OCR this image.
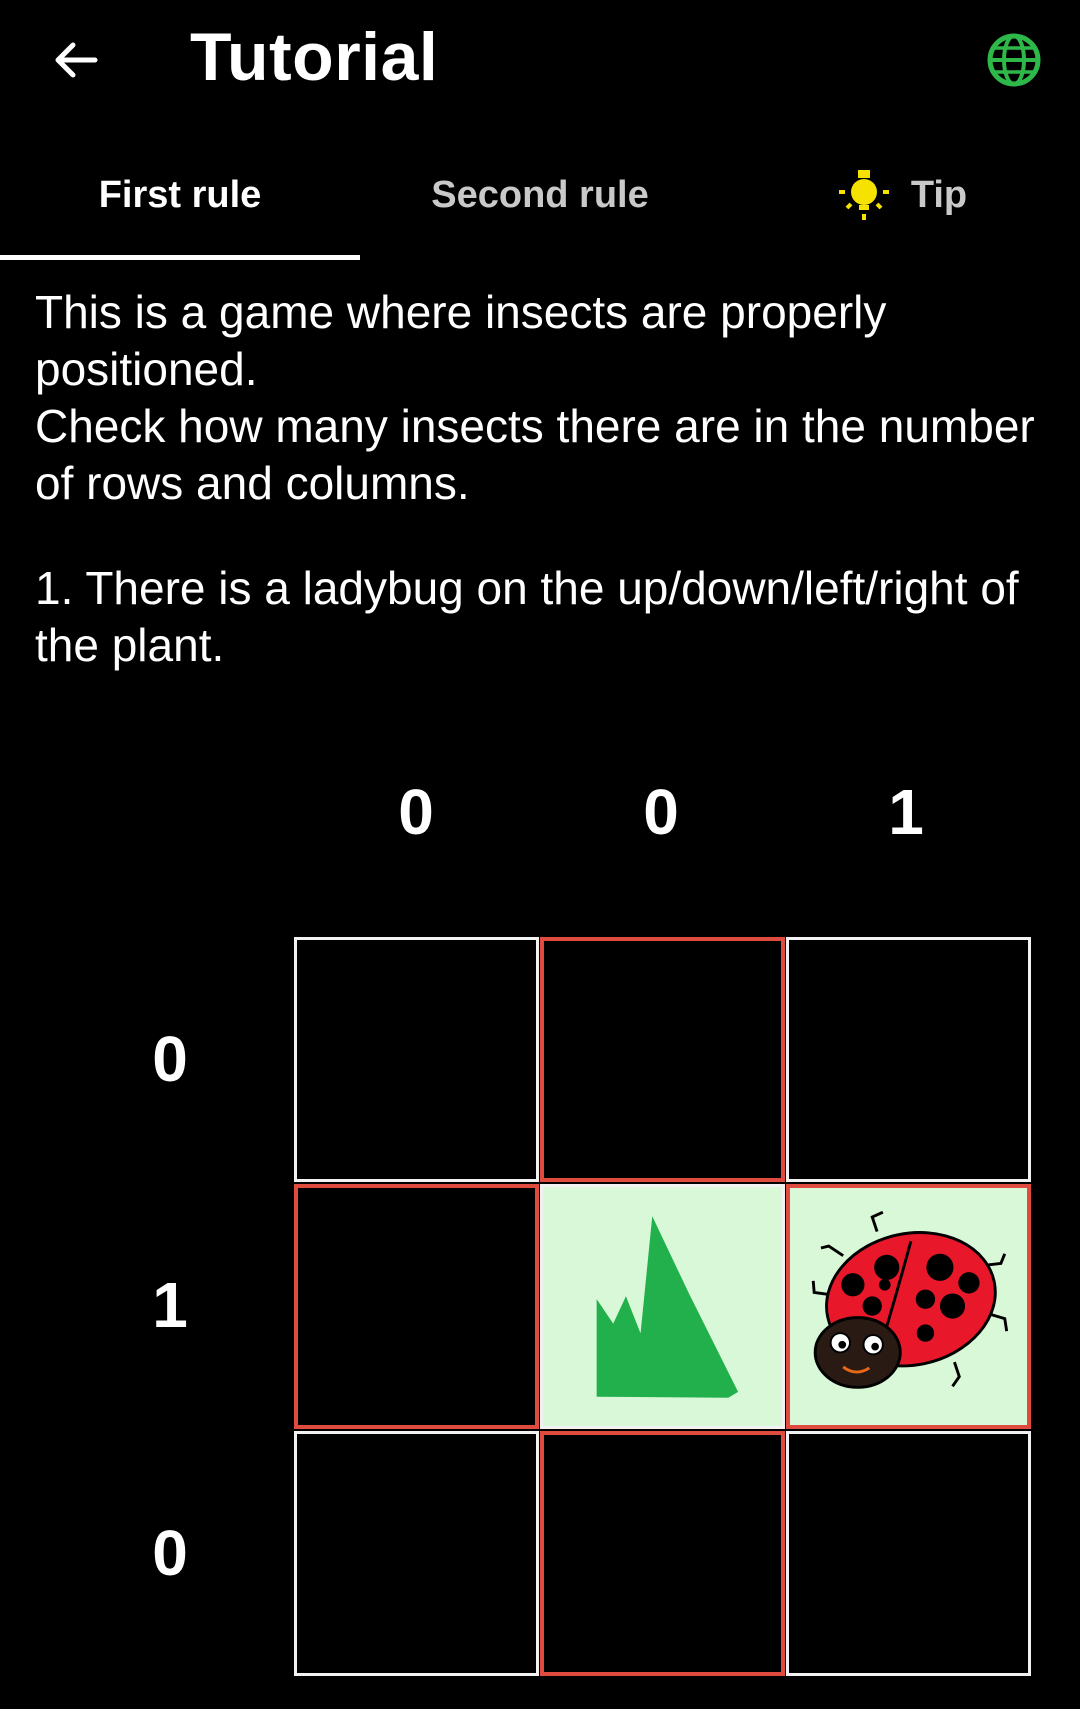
Tutorial
First rule	Second rule	Tip

This is a game where insects are properly positioned.

Check how many insects there are in the number of rows and columns.

1. There is a ladybug on the up/down/left/right of the plant.
0	0	1
0
1
0
